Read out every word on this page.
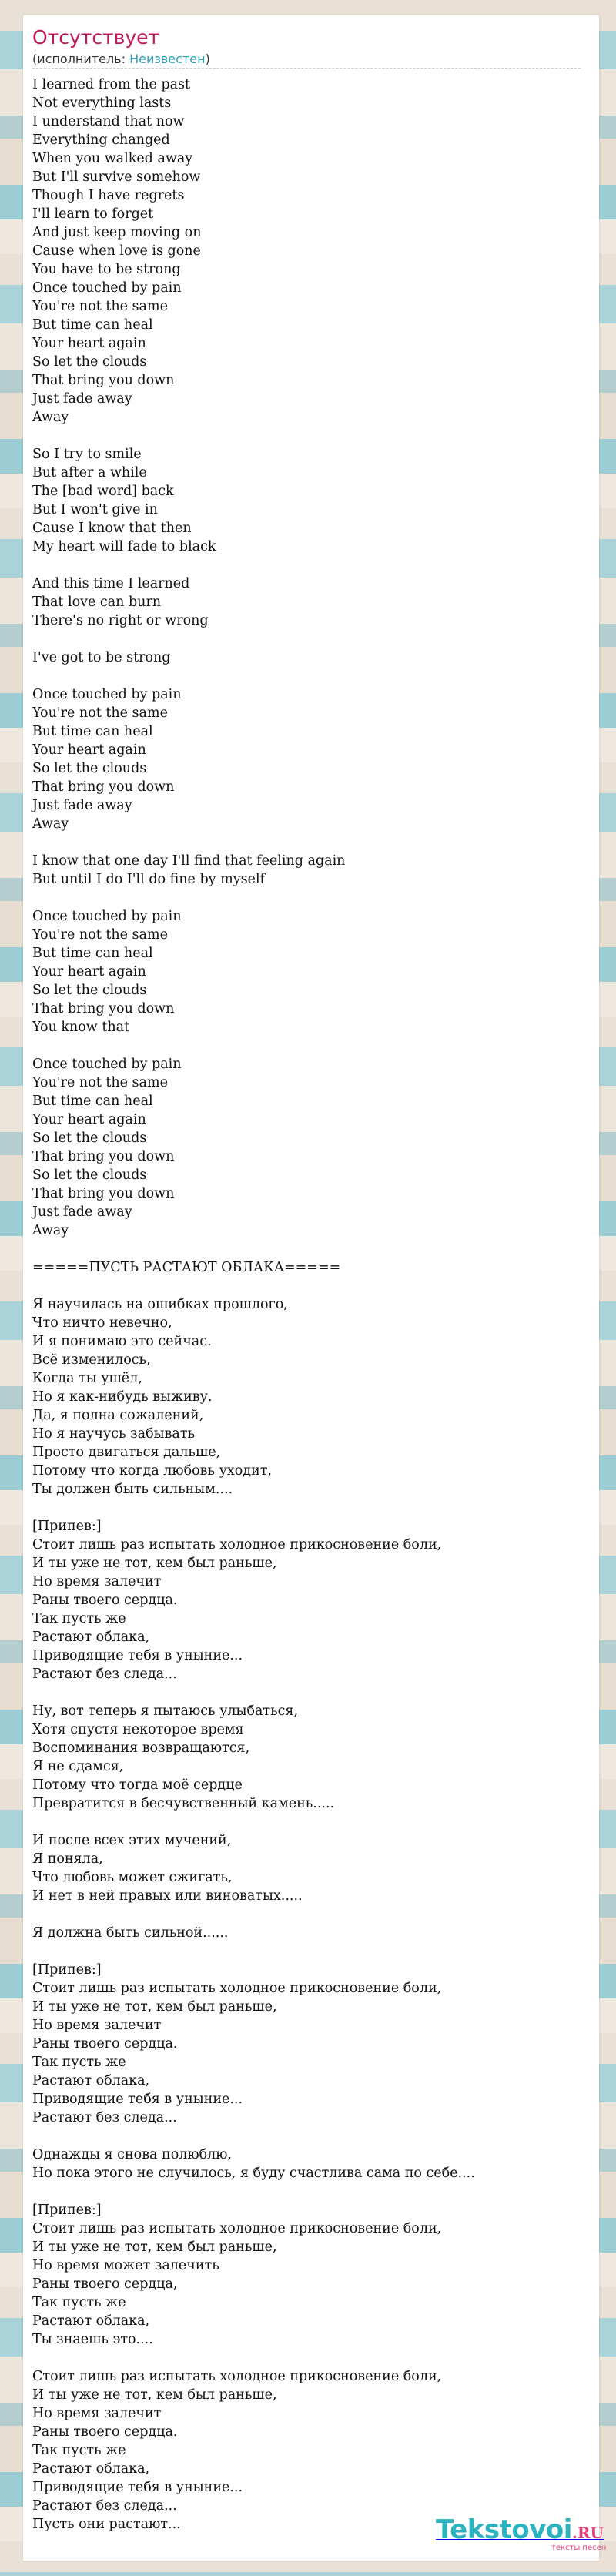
Отсутствует
(исполнитель: Неизвестен)
I learned from the past
Not everything lasts
I understand that now
Everything changed
When you walked away
But I'll survive somehow
Though I have regrets
I'll learn to forget
And just keep moving on
Cause when love is gone
You have to be strong
Once touched by pain
You're not the same
But time can heal
Your heart again
So let the clouds
That bring you down
Just fade away
Away
So I try to smile
But after a while
The [bad word] back
But I won't give in
Cause I know that then
My heart will fade to black
And this time I learned
That love can burn
There's no right or wrong
I've got to be strong
Once touched by pain
You're not the same
But time can heal
Your heart again
So let the clouds
That bring you down
Just fade away
Away
I know that one day I'll find that feeling again
But until I do I'll do fine by myself
Once touched by pain
You're not the same
But time can heal
Your heart again
So let the clouds
That bring you down
You know that
Once touched by pain
You're not the same
But time can heal
Your heart again
So let the clouds
That bring you down
So let the clouds
That bring you down
Just fade away
Away
=====ПУСТЬ РАСТАЮТ ОБЛАКА=====
Я научилась на ошибках прошлого,
Что ничто невечно,
И я понимаю это сейчас.
Всё изменилось,
Когда ты ушёл,
Но я как-нибудь выживу.
Да, я полна сожалений,
Но я научусь забывать
Просто двигаться дальше,
Потому что когда любовь уходит,
Ты должен быть сильным....
[Припев:]
Стоит лишь раз испытать холодное прикосновение боли,
И ты уже не тот, кем был раньше,
Но время залечит
Раны твоего сердца.
Так пусть же
Растают облака,
Приводящие тебя в уныние...
Растают без следа...
Ну, вот теперь я пытаюсь улыбаться,
Хотя спустя некоторое время
Воспоминания возвращаются,
Я не сдамся,
Потому что тогда моё сердце
Превратится в бесчувственный камень.....
И после всех этих мучений,
Я поняла,
Что любовь может сжигать,
И нет в ней правых или виноватых.....
Я должна быть сильной......
[Припев:]
Стоит лишь раз испытать холодное прикосновение боли,
И ты уже не тот, кем был раньше,
Но время залечит
Раны твоего сердца.
Так пусть же
Растают облака,
Приводящие тебя в уныние...
Растают без следа...
Однажды я снова полюблю,
Но пока этого не случилось, я буду счастлива сама по себе....
[Припев:]
Стоит лишь раз испытать холодное прикосновение боли,
И ты уже не тот, кем был раньше,
Но время может залечить
Раны твоего сердца,
Так пусть же
Растают облака,
Ты знаешь это....
Стоит лишь раз испытать холодное прикосновение боли,
И ты уже не тот, кем был раньше,
Но время залечит
Раны твоего сердца.
Так пусть же
Растают облака,
Приводящие тебя в уныние...
Растают без следа...
Пусть они растают...	Tekstovoi.RU
тексты песен
